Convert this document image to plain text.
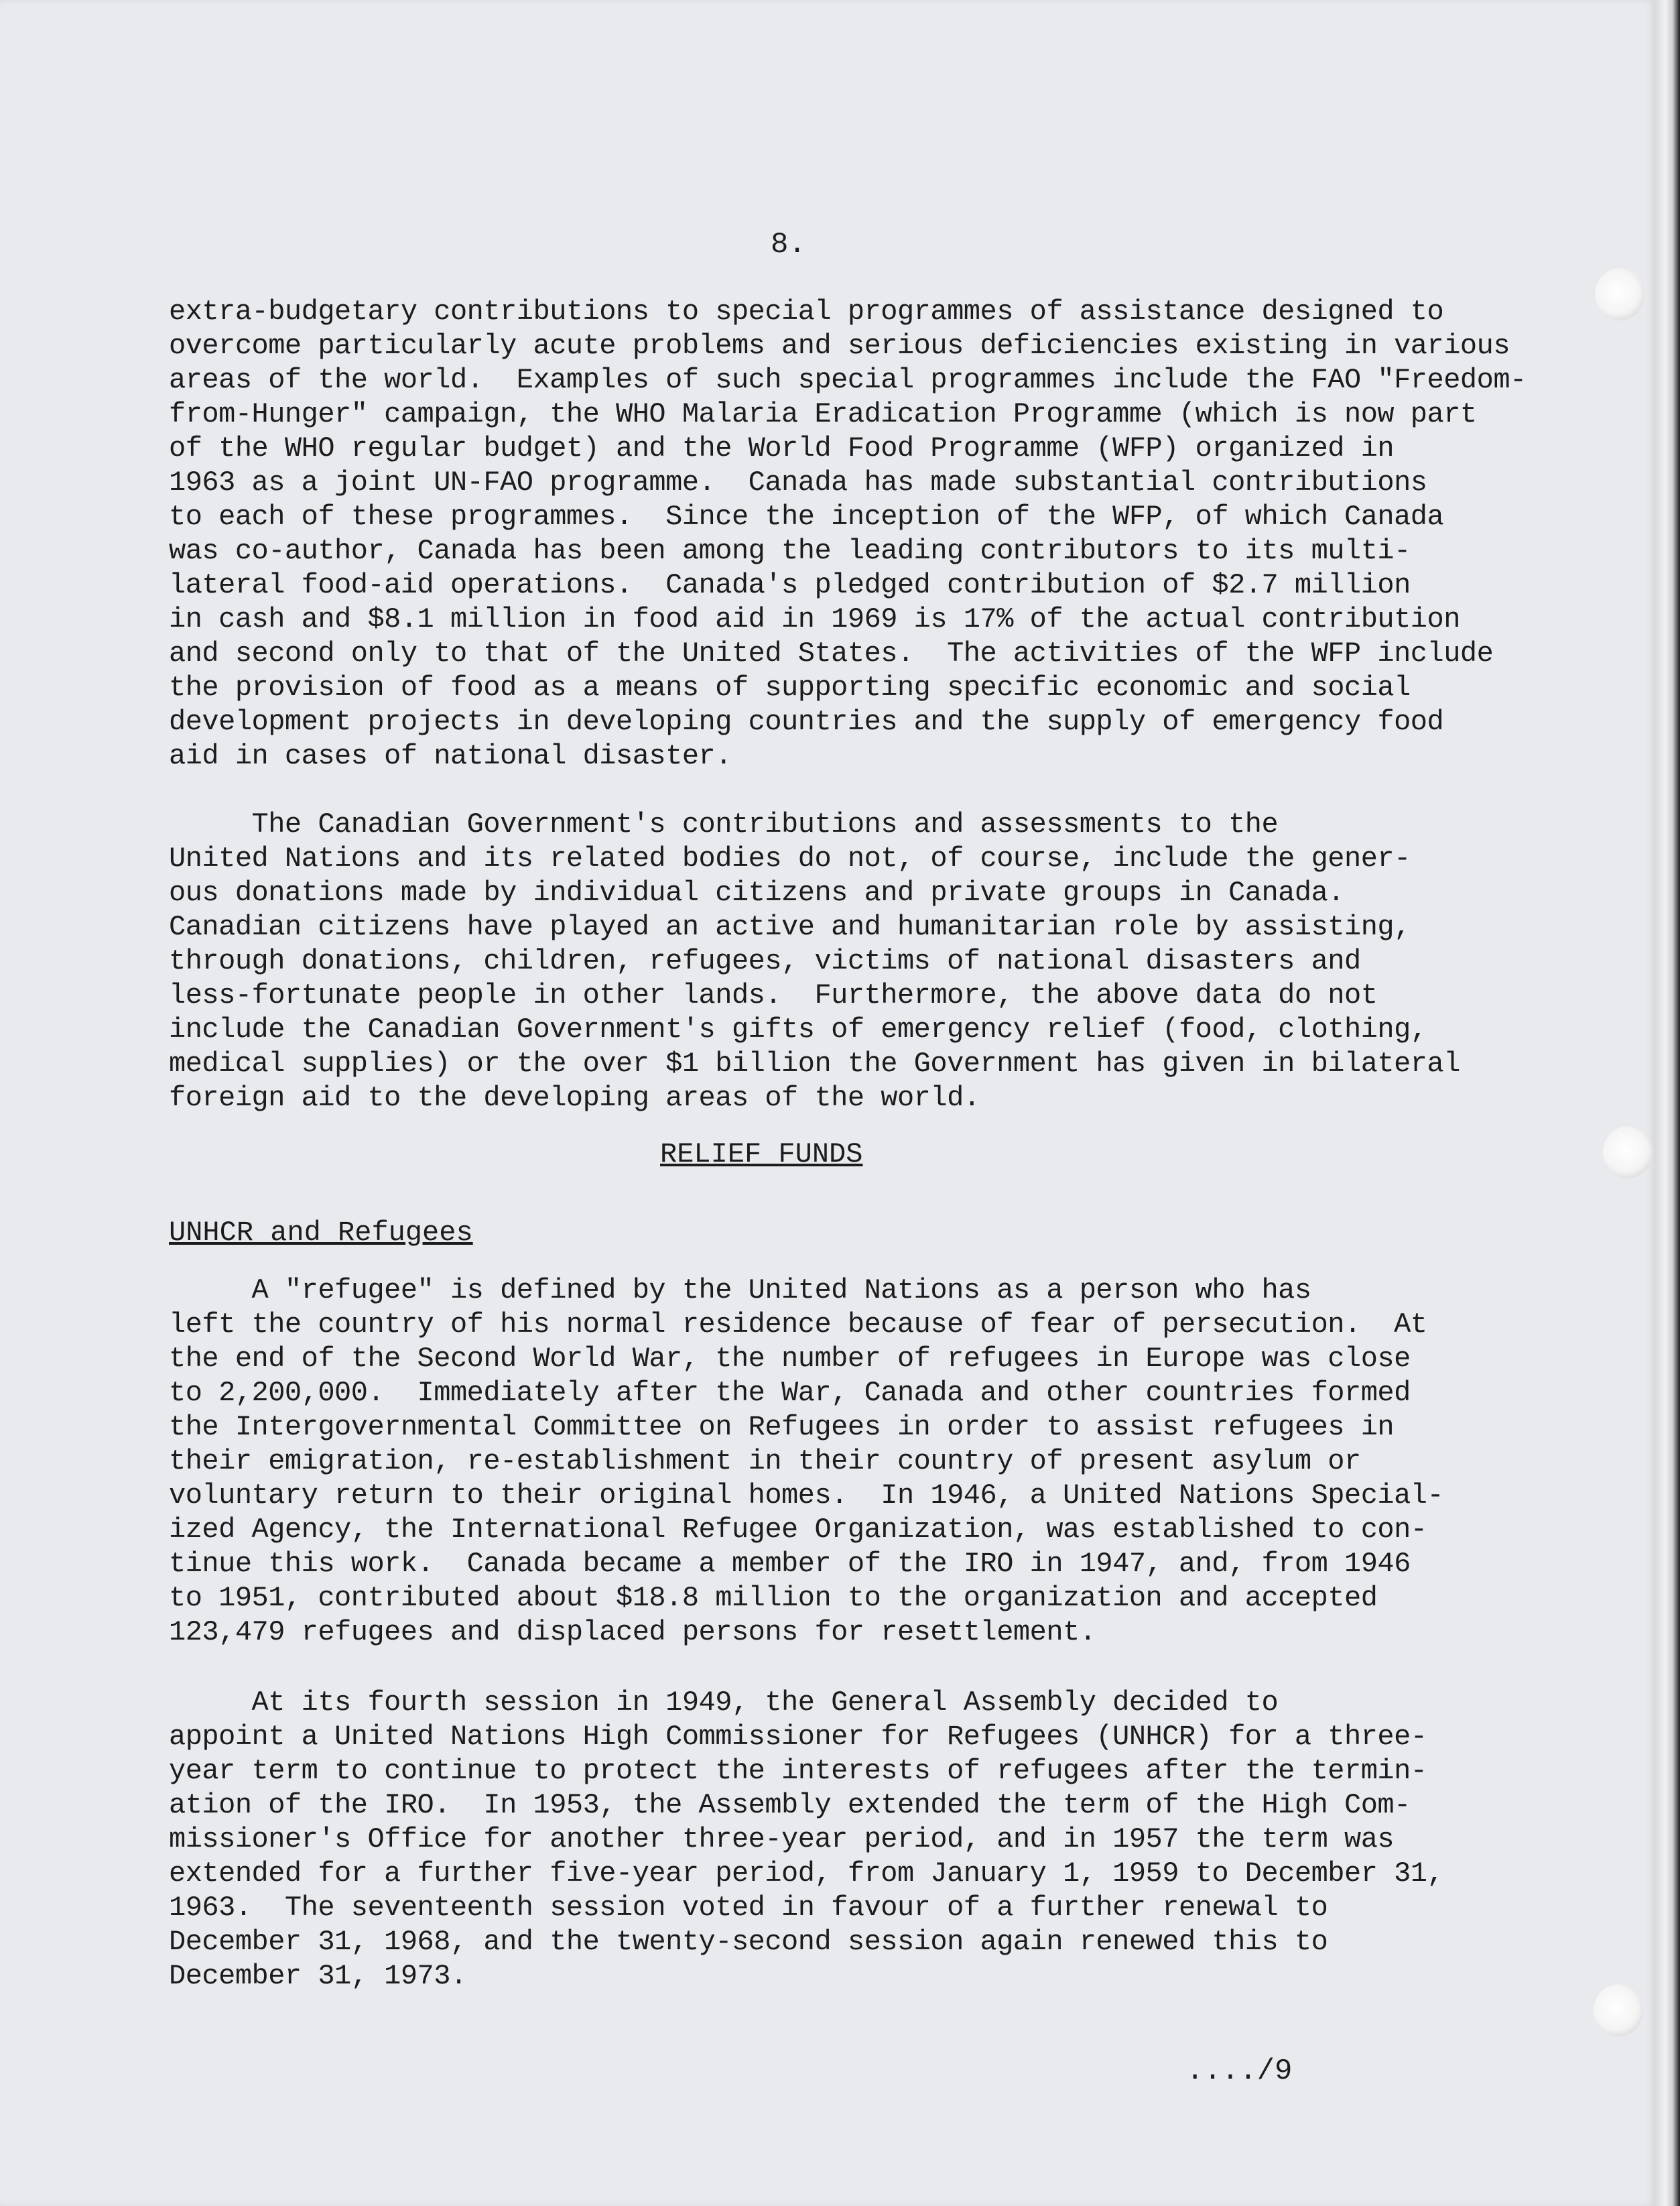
8.
extra-budgetary contributions to special programmes of assistance designed to
overcome particularly acute problems and serious deficiencies existing in various
areas of the world.  Examples of such special programmes include the FAO "Freedom-
from-Hunger" campaign, the WHO Malaria Eradication Programme (which is now part
of the WHO regular budget) and the World Food Programme (WFP) organized in
1963 as a joint UN-FAO programme.  Canada has made substantial contributions
to each of these programmes.  Since the inception of the WFP, of which Canada
was co-author, Canada has been among the leading contributors to its multi-
lateral food-aid operations.  Canada's pledged contribution of $2.7 million
in cash and $8.1 million in food aid in 1969 is 17% of the actual contribution
and second only to that of the United States.  The activities of the WFP include
the provision of food as a means of supporting specific economic and social
development projects in developing countries and the supply of emergency food
aid in cases of national disaster.
The Canadian Government's contributions and assessments to the
United Nations and its related bodies do not, of course, include the gener-
ous donations made by individual citizens and private groups in Canada.
Canadian citizens have played an active and humanitarian role by assisting,
through donations, children, refugees, victims of national disasters and
less-fortunate people in other lands.  Furthermore, the above data do not
include the Canadian Government's gifts of emergency relief (food, clothing,
medical supplies) or the over $1 billion the Government has given in bilateral
foreign aid to the developing areas of the world.
RELIEF FUNDS
UNHCR and Refugees
A "refugee" is defined by the United Nations as a person who has
left the country of his normal residence because of fear of persecution.  At
the end of the Second World War, the number of refugees in Europe was close
to 2,200,000.  Immediately after the War, Canada and other countries formed
the Intergovernmental Committee on Refugees in order to assist refugees in
their emigration, re-establishment in their country of present asylum or
voluntary return to their original homes.  In 1946, a United Nations Special-
ized Agency, the International Refugee Organization, was established to con-
tinue this work.  Canada became a member of the IRO in 1947, and, from 1946
to 1951, contributed about $18.8 million to the organization and accepted
123,479 refugees and displaced persons for resettlement.
At its fourth session in 1949, the General Assembly decided to
appoint a United Nations High Commissioner for Refugees (UNHCR) for a three-
year term to continue to protect the interests of refugees after the termin-
ation of the IRO.  In 1953, the Assembly extended the term of the High Com-
missioner's Office for another three-year period, and in 1957 the term was
extended for a further five-year period, from January 1, 1959 to December 31,
1963.  The seventeenth session voted in favour of a further renewal to
December 31, 1968, and the twenty-second session again renewed this to
December 31, 1973.
..../9
